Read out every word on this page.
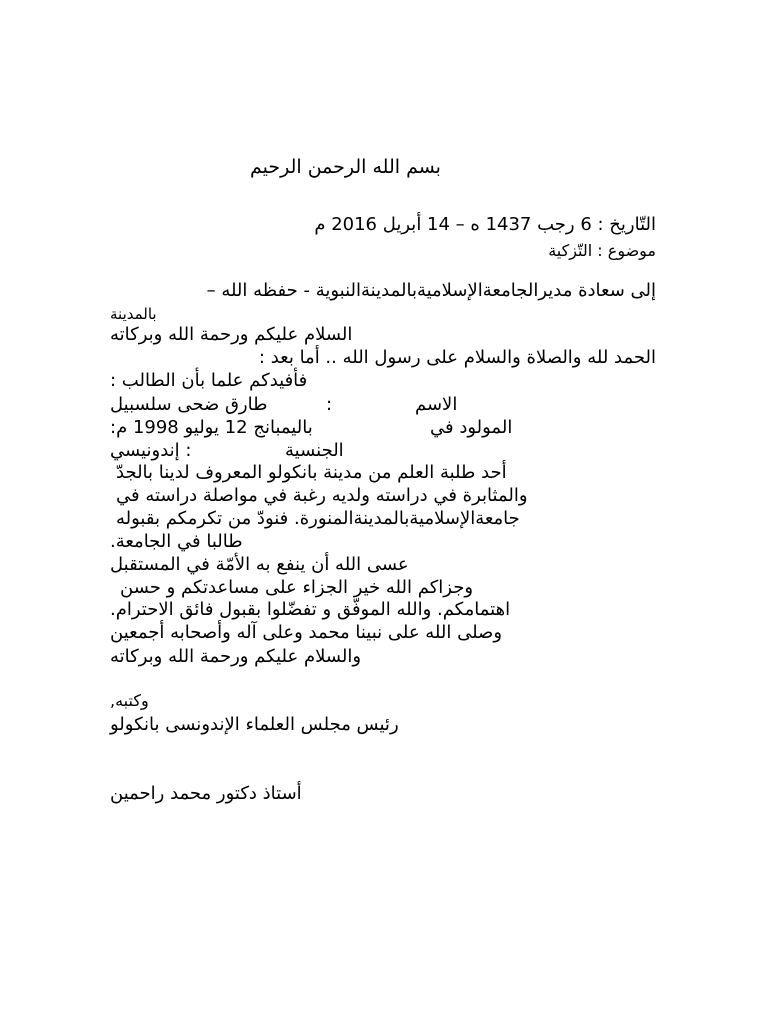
بسم الله الرحمن الرحيم
التّاريخ : 6 رجب 1437 ه – 14 أبريل 2016 م
موضوع : التّزكية
إلى سعادة مديرالجامعةالإسلاميةبالمدينةالنبوية - حفظه الله –
بالمدينة
السلام عليكم ورحمة الله وبركاته
الحمد لله والصلاة والسلام على رسول الله .. أما بعد :
فأفيدكم علما بأن الطالب :
الاسم
:
طارق ضحى سلسبيل
المولود في
باليمبانج 12 يوليو 1998 م:
الجنسية
: إندونيسي
أحد طلبة العلم من مدينة بانكولو المعروف لدينا بالجدّ
والمثابرة في دراسته ولديه رغبة في مواصلة دراسته في
جامعةالإسلاميةبالمدينةالمنورة. فنودّ من تكرمكم بقبوله
طالبا في الجامعة.
عسى الله أن ينفع به الأمّة في المستقبل
وجزاكم الله خير الجزاء على مساعدتكم و حسن
اهتمامكم. والله الموفّق و تفضّلوا بقبول فائق الاحترام.
وصلى الله على نبينا محمد وعلى آله وأصحابه أجمعين
والسلام عليكم ورحمة الله وبركاته
وكتبه,
رئيس مجلس العلماء الإندونسى بانكولو
أستاذ دكتور محمد راحمين
